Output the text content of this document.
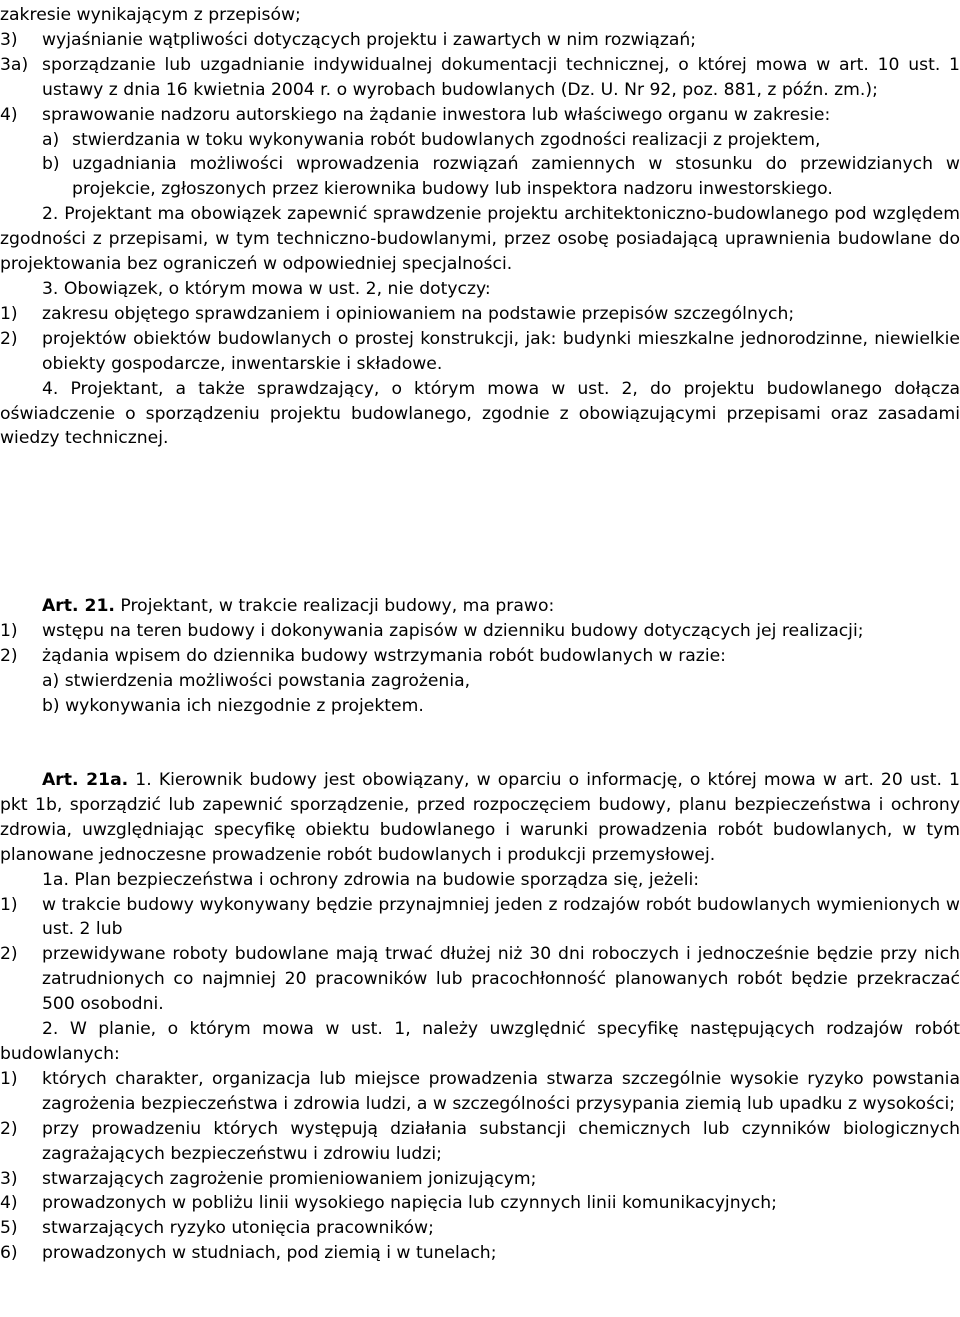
zakresie wynikającym z przepisów;

3)	wyjaśnianie wątpliwości dotyczących projektu i zawartych w nim rozwiązań;
3a) sporządzanie lub uzgadnianie indywidualnej dokumentacji technicznej, o której mowa w art. 10 ust. 1 ustawy z dnia 16 kwietnia 2004 r. o wyrobach budowlanych (Dz. U. Nr 92, poz. 881, z późn. zm.);
4)	sprawowanie nadzoru autorskiego na żądanie inwestora lub właściwego organu w zakresie:
a) stwierdzania w toku wykonywania robót budowlanych zgodności realizacji z projektem,
b) uzgadniania możliwości wprowadzenia rozwiązań zamiennych w stosunku do przewidzianych w projekcie, zgłoszonych przez kierownika budowy lub inspektora nadzoru inwestorskiego.

2. Projektant ma obowiązek zapewnić sprawdzenie projektu architektoniczno-budowlanego pod względem zgodności z przepisami, w tym techniczno-budowlanymi, przez osobę posiadającą uprawnienia budowlane do projektowania bez ograniczeń w odpowiedniej specjalności.

3. Obowiązek, o którym mowa w ust. 2, nie dotyczy:

1)	zakresu objętego sprawdzaniem i opiniowaniem na podstawie przepisów szczególnych;
2)	projektów obiektów budowlanych o prostej konstrukcji, jak: budynki mieszkalne jednorodzinne, niewielkie obiekty gospodarcze, inwentarskie i składowe.

4. Projektant, a także sprawdzający, o którym mowa w ust. 2, do projektu budowlanego dołącza oświadczenie o sporządzeniu projektu budowlanego, zgodnie z obowiązującymi przepisami oraz zasadami wiedzy technicznej.

Art. 21. Projektant, w trakcie realizacji budowy, ma prawo:

1)	wstępu na teren budowy i dokonywania zapisów w dzienniku budowy dotyczących jej realizacji;
2)	żądania wpisem do dziennika budowy wstrzymania robót budowlanych w razie:
a) stwierdzenia możliwości powstania zagrożenia,
b) wykonywania ich niezgodnie z projektem.

Art. 21a. 1. Kierownik budowy jest obowiązany, w oparciu o informację, o której mowa w art. 20 ust. 1 pkt 1b, sporządzić lub zapewnić sporządzenie, przed rozpoczęciem budowy, planu bezpieczeństwa i ochrony zdrowia, uwzględniając specyfikę obiektu budowlanego i warunki prowadzenia robót budowlanych, w tym planowane jednoczesne prowadzenie robót budowlanych i produkcji przemysłowej.

1a. Plan bezpieczeństwa i ochrony zdrowia na budowie sporządza się, jeżeli:

1)	w trakcie budowy wykonywany będzie przynajmniej jeden z rodzajów robót budowlanych wymienionych w ust. 2 lub
2)	przewidywane roboty budowlane mają trwać dłużej niż 30 dni roboczych i jednocześnie będzie przy nich zatrudnionych co najmniej 20 pracowników lub pracochłonność planowanych robót będzie przekraczać 500 osobodni.

2. W planie, o którym mowa w ust. 1, należy uwzględnić specyfikę następujących rodzajów robót budowlanych:

1)	których charakter, organizacja lub miejsce prowadzenia stwarza szczególnie wysokie ryzyko powstania zagrożenia bezpieczeństwa i zdrowia ludzi, a w szczególności przysypania ziemią lub upadku z wysokości;
2)	przy prowadzeniu których występują działania substancji chemicznych lub czynników biologicznych zagrażających bezpieczeństwu i zdrowiu ludzi;
3)	stwarzających zagrożenie promieniowaniem jonizującym;
4)	prowadzonych w pobliżu linii wysokiego napięcia lub czynnych linii komunikacyjnych;
5)	stwarzających ryzyko utonięcia pracowników;
6)	prowadzonych w studniach, pod ziemią i w tunelach;
